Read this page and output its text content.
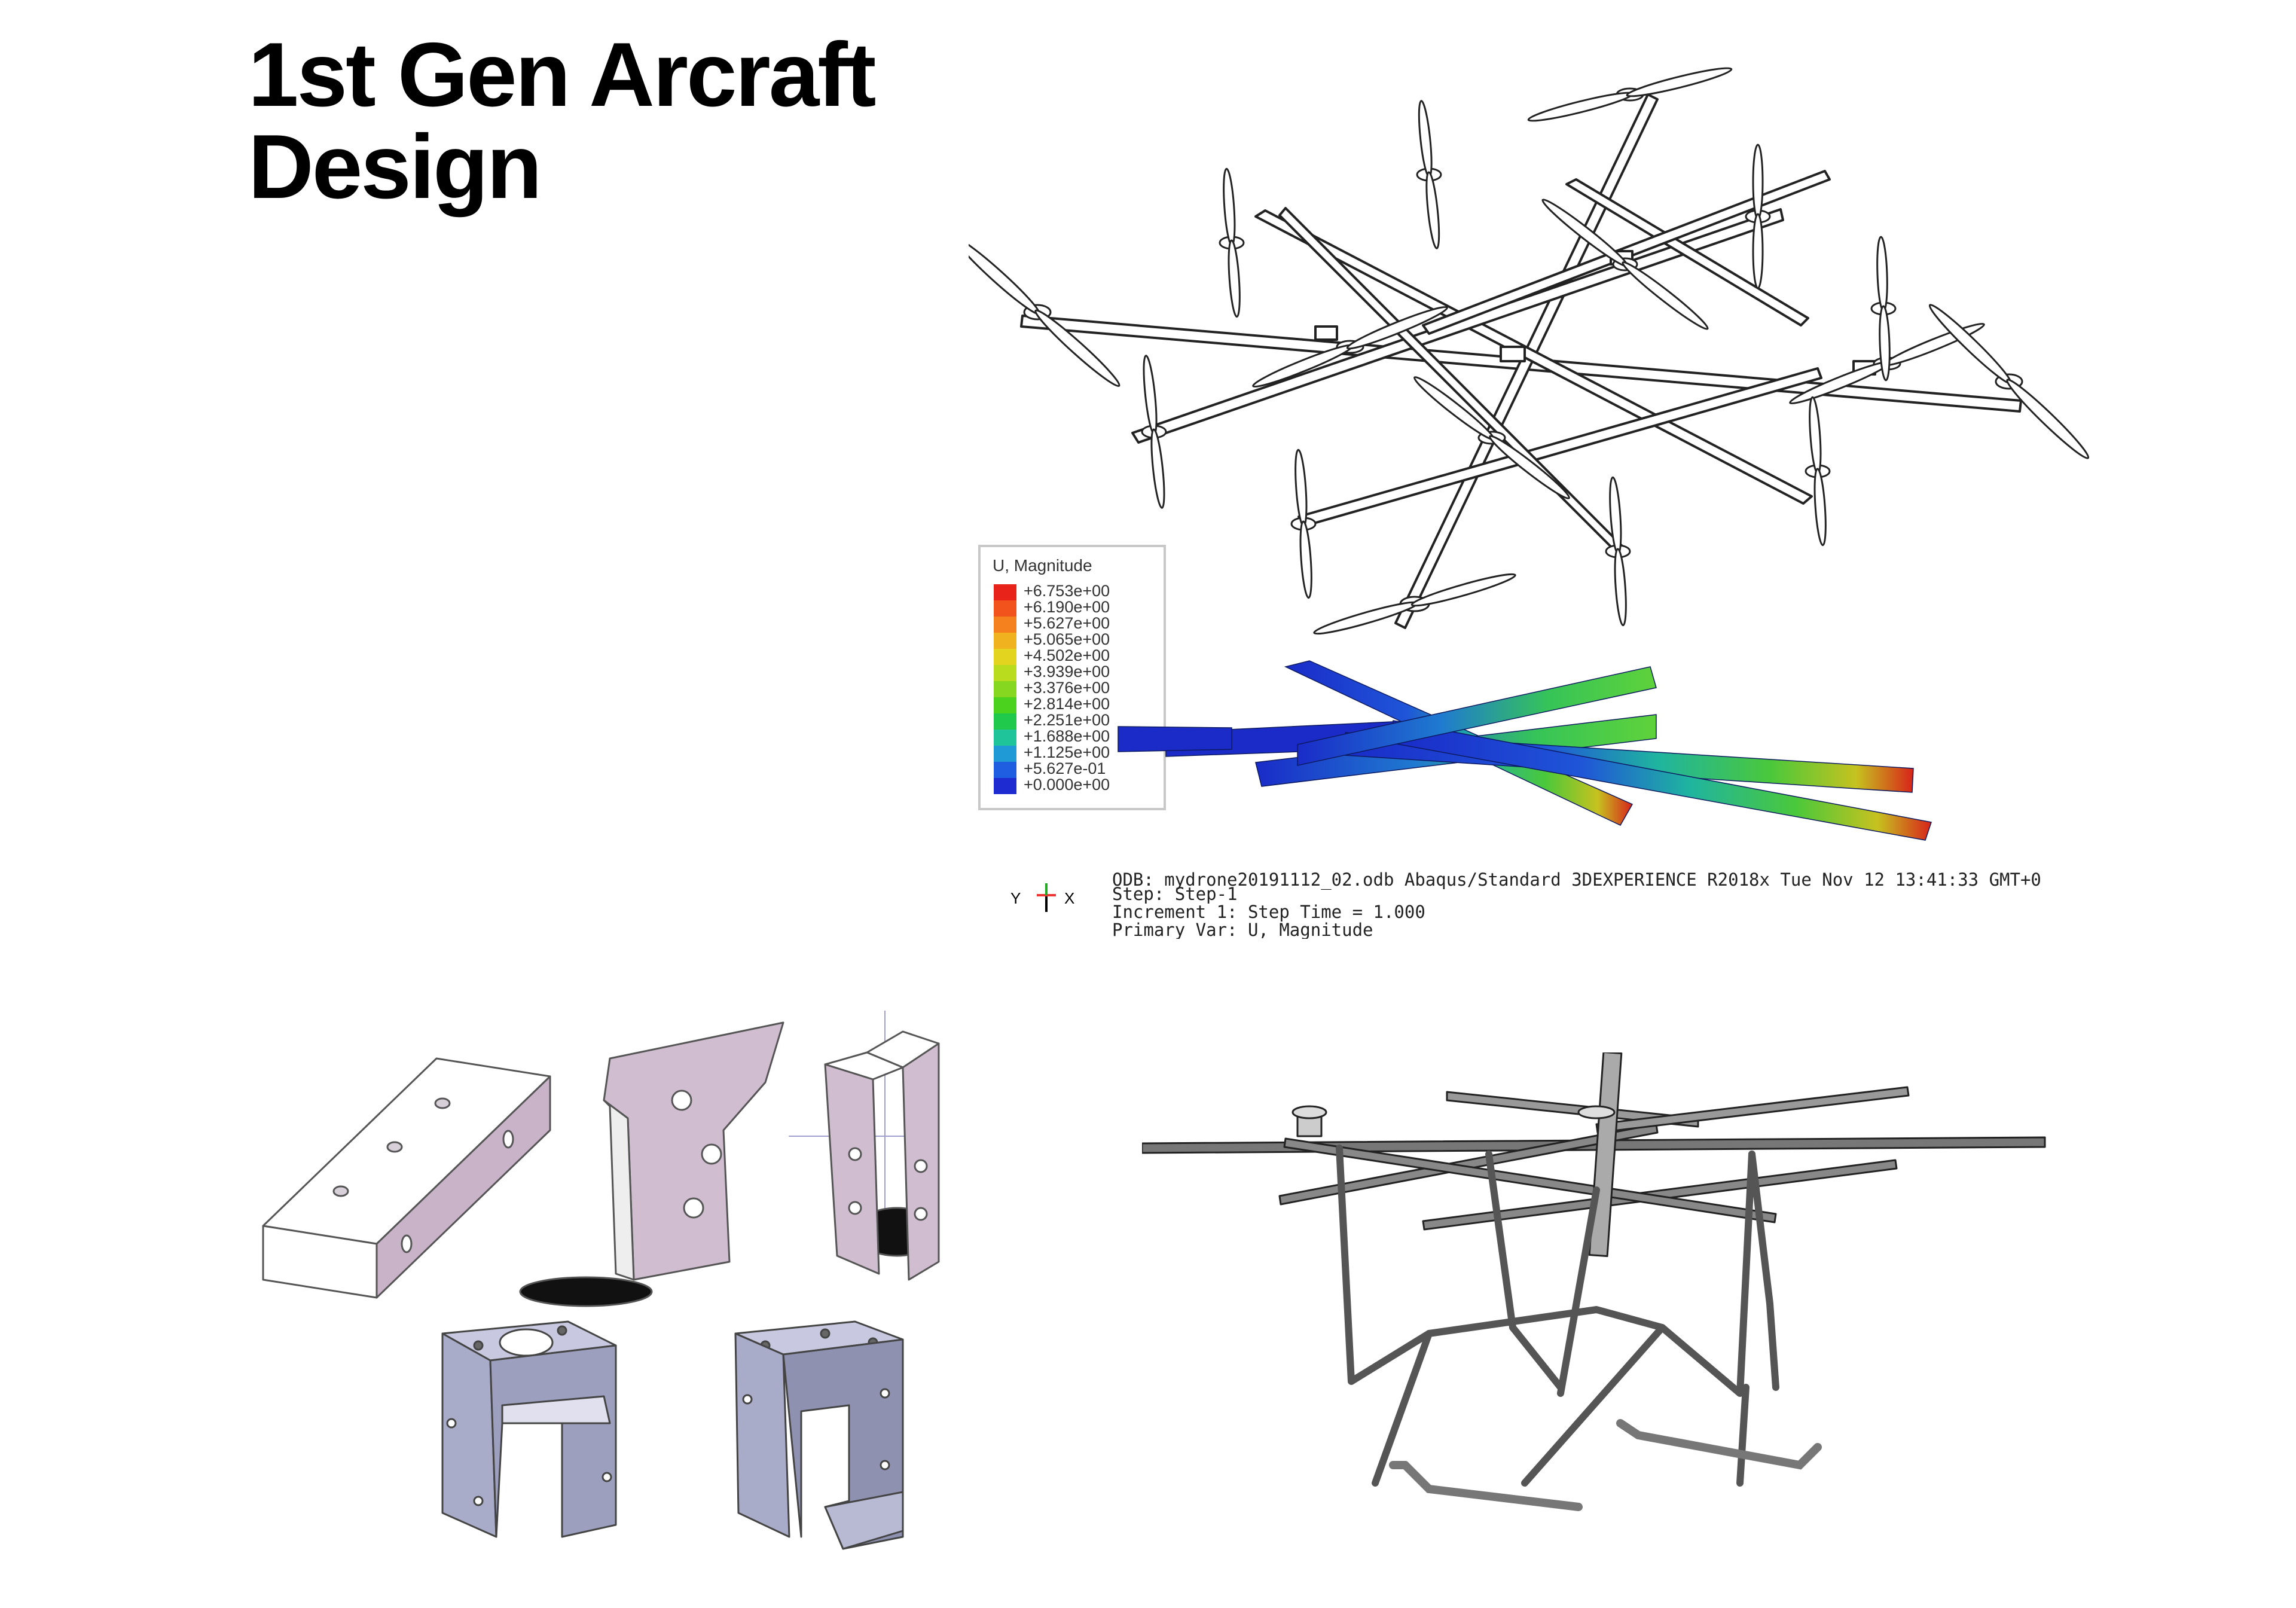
1st Gen Arcraft
Design
U, Magnitude
+6.753e+00
+6.190e+00
+5.627e+00
+5.065e+00
+4.502e+00
+3.939e+00
+3.376e+00
+2.814e+00
+2.251e+00
+1.688e+00
+1.125e+00
+5.627e-01
+0.000e+00
Y	X
ODB: mydrone20191112_02.odb Abaqus/Standard 3DEXPERIENCE R2018x Tue Nov 12 13:41:33 GMT+0
Step: Step-1
Increment 1: Step Time = 1.000
Primary Var: U, Magnitude
